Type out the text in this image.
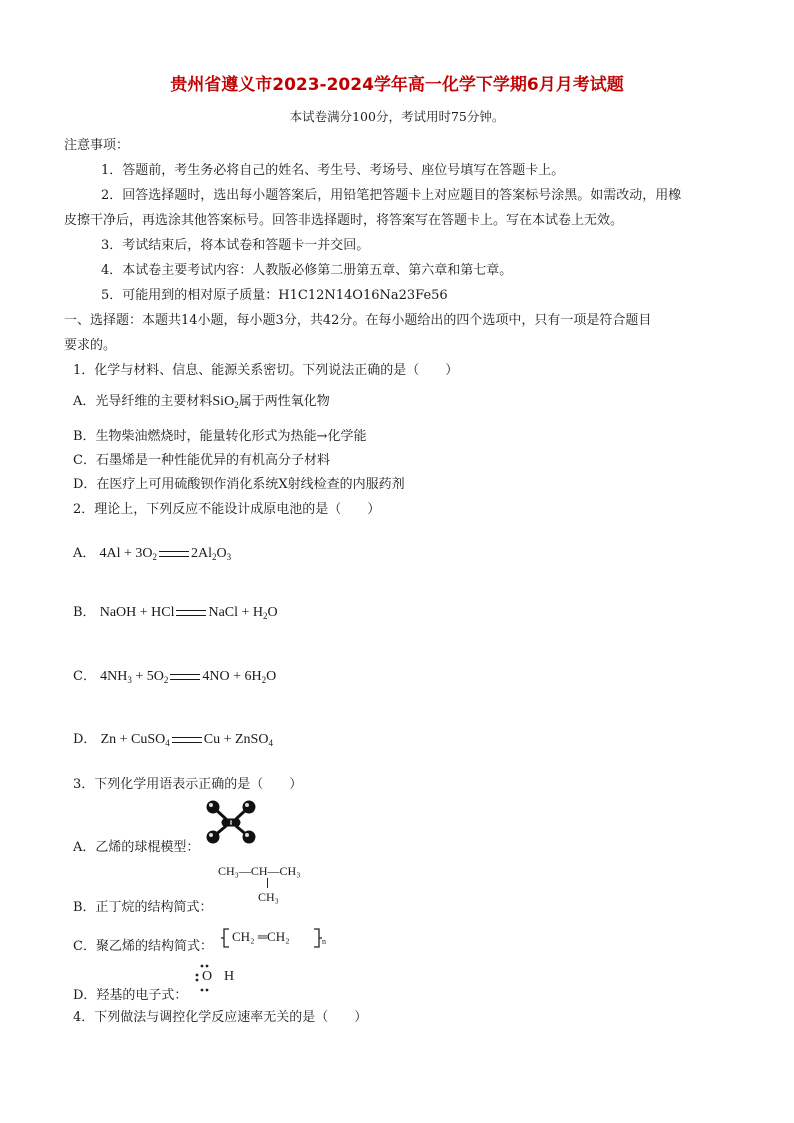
贵州省遵义市2023-2024学年高一化学下学期6月月考试题
本试卷满分100分，考试用时75分钟。
注意事项：
1．答题前，考生务必将自己的姓名、考生号、考场号、座位号填写在答题卡上。
2．回答选择题时，选出每小题答案后，用铅笔把答题卡上对应题目的答案标号涂黑。如需改动，用橡
皮擦干净后，再选涂其他答案标号。回答非选择题时，将答案写在答题卡上。写在本试卷上无效。
3．考试结束后，将本试卷和答题卡一并交回。
4．本试卷主要考试内容：人教版必修第二册第五章、第六章和第七章。
5．可能用到的相对原子质量：H1C12N14O16Na23Fe56
一、选择题：本题共14小题，每小题3分，共42分。在每小题给出的四个选项中，只有一项是符合题目
要求的。
1．化学与材料、信息、能源关系密切。下列说法正确的是（　　）
A．光导纤维的主要材料SiO$_2$属于两性氧化物
B．生物柴油燃烧时，能量转化形式为热能→化学能
C．石墨烯是一种性能优异的有机高分子材料
D．在医疗上可用硫酸钡作消化系统X射线检查的内服药剂
2．理论上，下列反应不能设计成原电池的是（　　）
A． $4Al + 3O_2$ $2Al_2O_3$
B． NaOH + HCl NaCl + $H_2O$
C． $4NH_3 + 5O_2$ $4NO + 6H_2O$
D． Zn + CuSO$_4$ Cu + ZnSO$_4$
3．下列化学用语表示正确的是（　　）
A．乙烯的球棍模型：
B．正丁烷的结构简式：
CH₃—CH—CH₃
CH₃
C．聚乙烯的结构简式：
CH₂ ═CH₂	n
D．羟基的电子式：
O H
4．下列做法与调控化学反应速率无关的是（　　）
